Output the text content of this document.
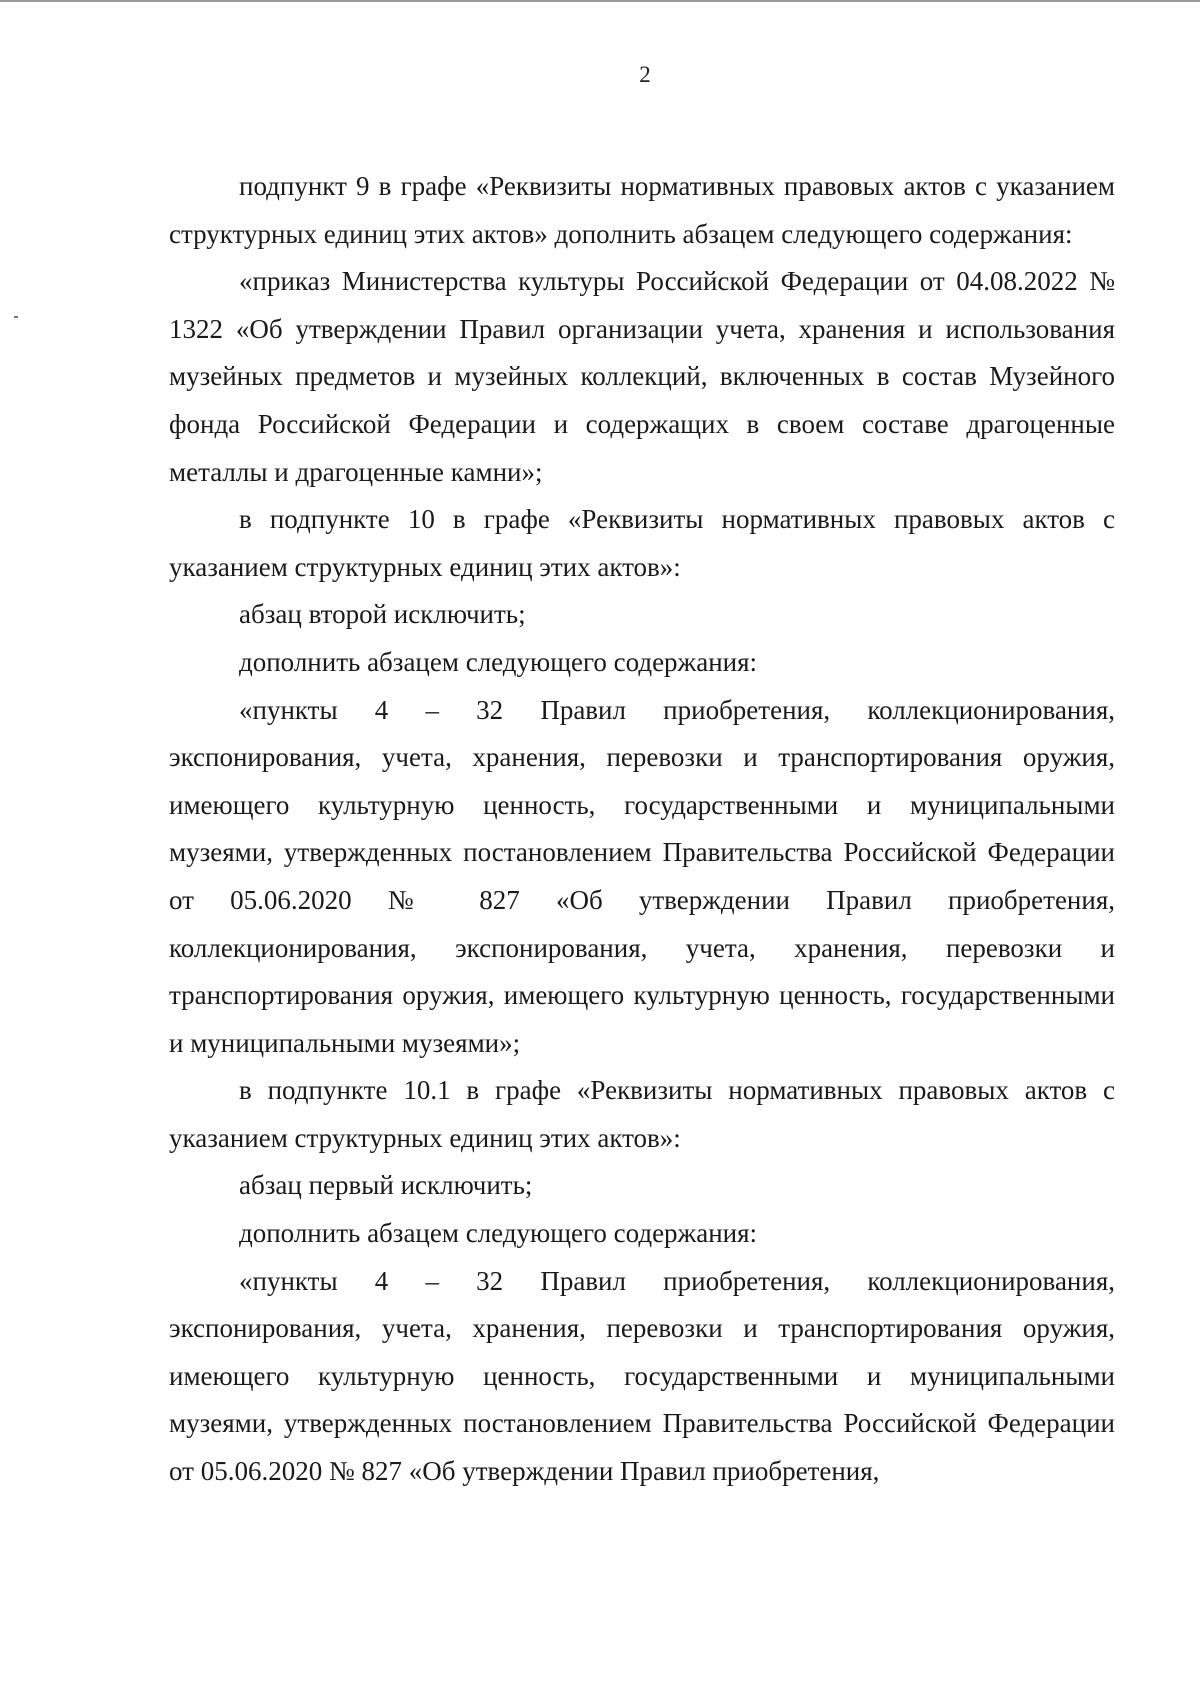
2

подпункт 9 в графе «Реквизиты нормативных правовых актов с указанием структурных единиц этих актов» дополнить абзацем следующего содержания:

«приказ Министерства культуры Российской Федерации от 04.08.2022 № 1322 «Об утверждении Правил организации учета, хранения и использования музейных предметов и музейных коллекций, включенных в состав Музейного фонда Российской Федерации и содержащих в своем составе драгоценные металлы и драгоценные камни»;

в подпункте 10 в графе «Реквизиты нормативных правовых актов с указанием структурных единиц этих актов»:

абзац второй исключить;

дополнить абзацем следующего содержания:

«пункты 4 – 32 Правил приобретения, коллекционирования, экспонирования, учета, хранения, перевозки и транспортирования оружия, имеющего культурную ценность, государственными и муниципальными музеями, утвержденных постановлением Правительства Российской Федерации от 05.06.2020 № 827 «Об утверждении Правил приобретения, коллекционирования, экспонирования, учета, хранения, перевозки и транспортирования оружия, имеющего культурную ценность, государственными и муниципальными музеями»;

в подпункте 10.1 в графе «Реквизиты нормативных правовых актов с указанием структурных единиц этих актов»:

абзац первый исключить;

дополнить абзацем следующего содержания:

«пункты 4 – 32 Правил приобретения, коллекционирования, экспонирования, учета, хранения, перевозки и транспортирования оружия, имеющего культурную ценность, государственными и муниципальными музеями, утвержденных постановлением Правительства Российской Федерации от 05.06.2020 № 827 «Об утверждении Правил приобретения,
